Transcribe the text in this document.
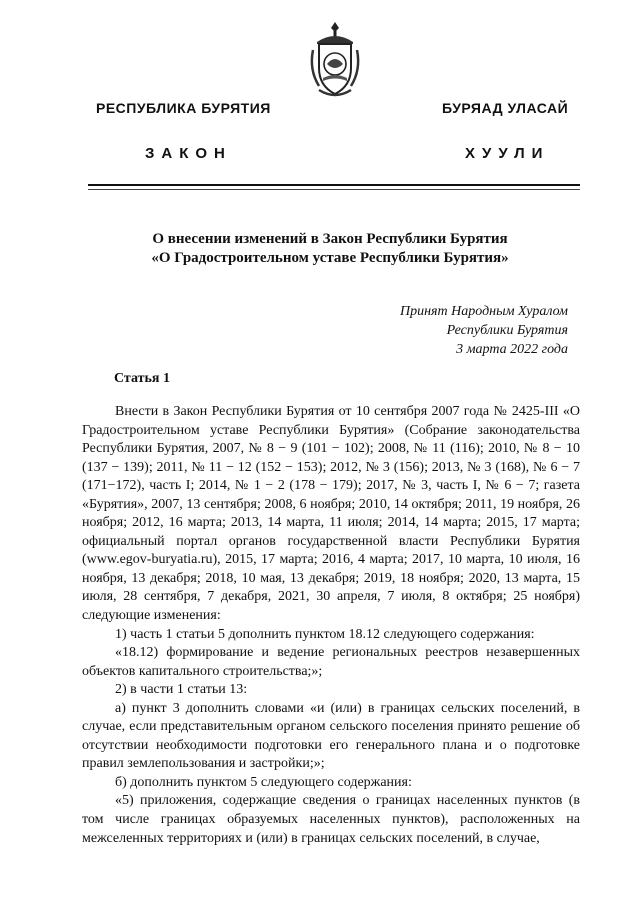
РЕСПУБЛИКА БУРЯТИЯ	БУРЯАД УЛАСАЙ
ЗАКОН	ХУУЛИ
О внесении изменений в Закон Республики Бурятия
«О Градостроительном уставе Республики Бурятия»
Принят Народным Хуралом
Республики Бурятия
3 марта 2022 года
Статья 1

Внести в Закон Республики Бурятия от 10 сентября 2007 года № 2425-III «О Градостроительном уставе Республики Бурятия» (Собрание законодательства Республики Бурятия, 2007, № 8 − 9 (101 − 102); 2008, № 11 (116); 2010, № 8 − 10 (137 − 139); 2011, № 11 − 12 (152 − 153); 2012, № 3 (156); 2013, № 3 (168), № 6 − 7 (171−172), часть I; 2014, № 1 − 2 (178 − 179); 2017, № 3, часть I, № 6 − 7; газета «Бурятия», 2007, 13 сентября; 2008, 6 ноября; 2010, 14 октября; 2011, 19 ноября, 26 ноября; 2012, 16 марта; 2013, 14 марта, 11 июля; 2014, 14 марта; 2015, 17 марта; официальный портал органов государственной власти Республики Бурятия (www.egov-buryatia.ru), 2015, 17 марта; 2016, 4 марта; 2017, 10 марта, 10 июля, 16 ноября, 13 декабря; 2018, 10 мая, 13 декабря; 2019, 18 ноября; 2020, 13 марта, 15 июля, 28 сентября, 7 декабря, 2021, 30 апреля, 7 июля, 8 октября; 25 ноября) следующие изменения:

1) часть 1 статьи 5 дополнить пунктом 18.12 следующего содержания:

«18.12) формирование и ведение региональных реестров незавершенных объектов капитального строительства;»;

2) в части 1 статьи 13:

а) пункт 3 дополнить словами «и (или) в границах сельских поселений, в случае, если представительным органом сельского поселения принято решение об отсутствии необходимости подготовки его генерального плана и о подготовке правил землепользования и застройки;»;

б) дополнить пунктом 5 следующего содержания:

«5) приложения, содержащие сведения о границах населенных пунктов (в том числе границах образуемых населенных пунктов), расположенных на межселенных территориях и (или) в границах сельских поселений, в случае,
